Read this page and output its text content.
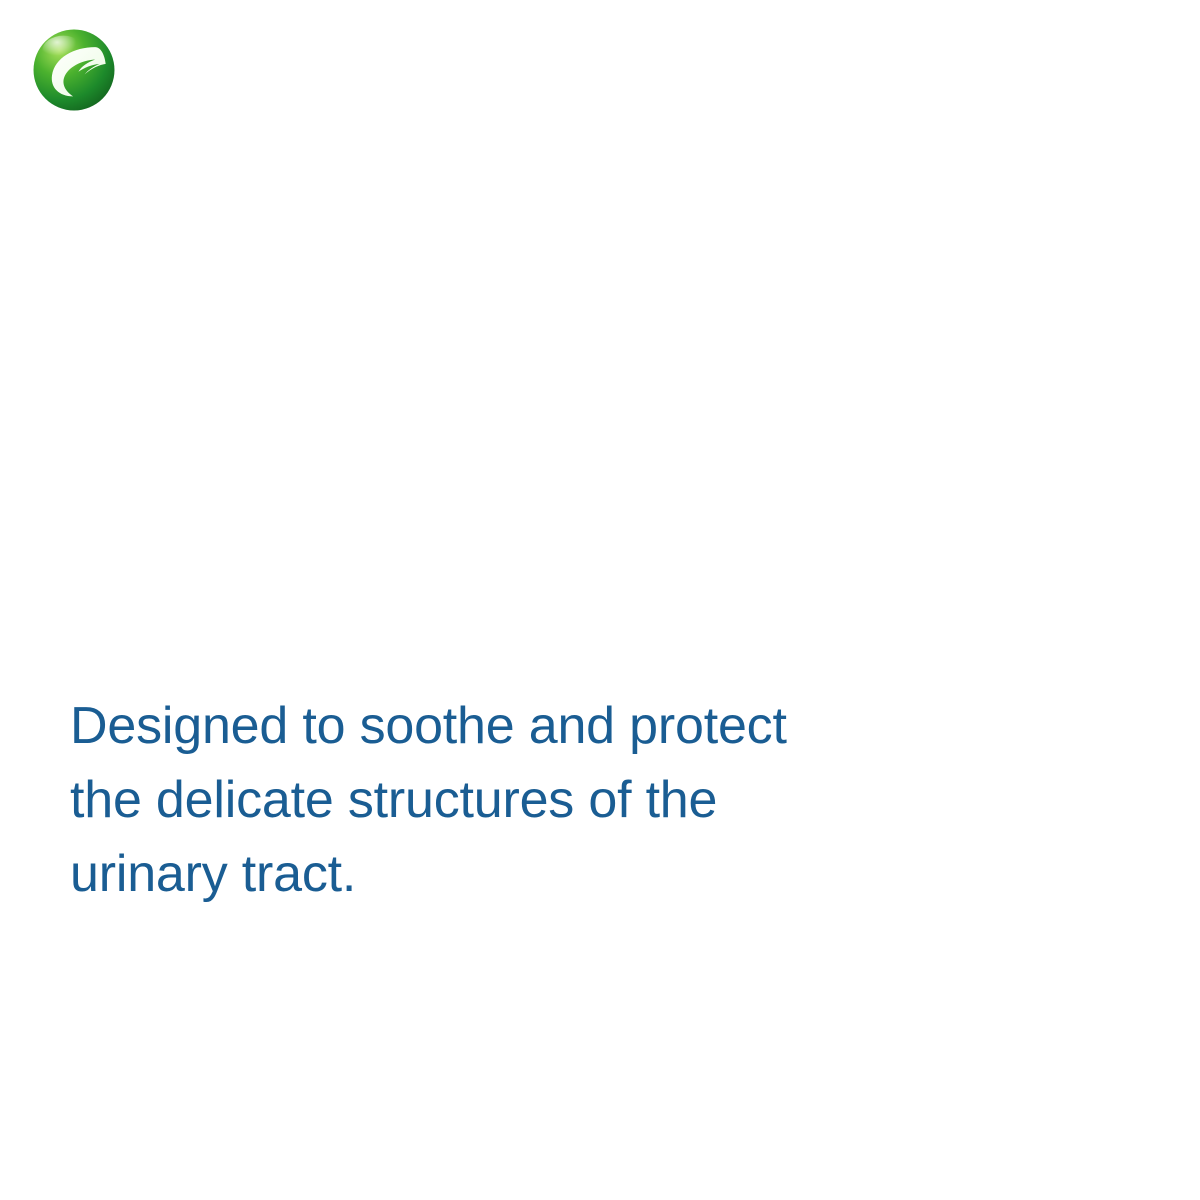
Designed to soothe and protect the delicate structures of the urinary tract.
